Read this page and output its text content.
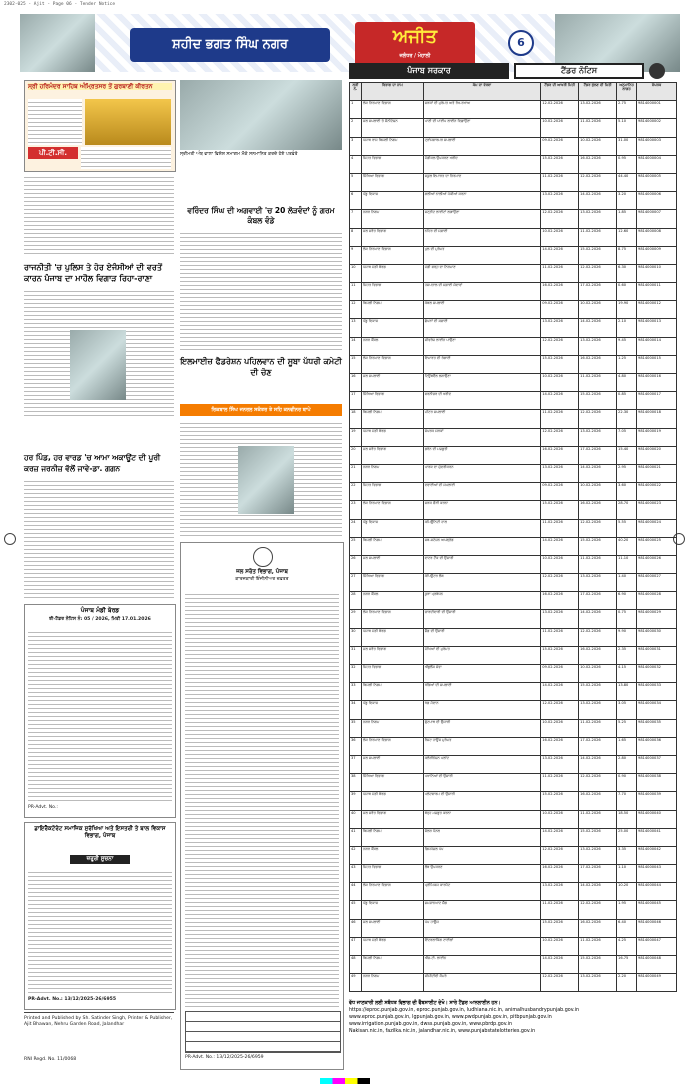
2302-025 - Ajit - Page 06 - Tender Notice
ਸ਼ਹੀਦ ਭਗਤ ਸਿੰਘ ਨਗਰ	ਅਜੀਤ
ਜਲੰਧਰ / ਮੋਹਾਲੀ
6
ਸ੍ਰੀ ਹਰਿਮੰਦਰ ਸਾਹਿਬ ਅੰਮ੍ਰਿਤਸਰ ਤੋਂ ਗੁਰਬਾਣੀ ਕੀਰਤਨ
ਪੀ.ਟੀ.ਸੀ.
ਰਾਜਨੀਤੀ 'ਚ ਪੁਲਿਸ ਤੇ ਹੋਰ ਏਜੰਸੀਆਂ ਦੀ ਵਰਤੋਂ ਕਾਰਨ ਪੰਜਾਬ ਦਾ ਮਾਹੌਲ ਵਿਗਾੜ ਰਿਹਾ-ਰਾਣਾ
ਹਰ ਪਿੰਡ, ਹਰ ਵਾਰਡ 'ਚ ਆਮਾ ਅਕਾਊਂਟ ਦੀ ਪੂਰੀ ਕਰਜ਼ ਜਰਨੀਜ਼ ਵੱਲੋਂ ਜਾਵੇ-ਡਾ. ਗਗਨ
ਪੰਜਾਬ ਮੰਡੀ ਬੋਰਡ
ਈ-ਟੈਂਡਰ ਨੋਟਿਸ ਨੰ: 05 / 2026, ਮਿਤੀ 17.01.2026
PR-Advt. No.:
ਡਾਇਰੈਕਟੋਰੇਟ ਸਮਾਜਿਕ ਸੁਰੱਖਿਆ ਅਤੇ ਇਸਤਰੀ ਤੇ ਬਾਲ ਵਿਕਾਸ ਵਿਭਾਗ, ਪੰਜਾਬ
ਜ਼ਰੂਰੀ ਸੂਚਨਾ
PR-Advt. No.: 13/12/2025-26/6955
Printed and Published by Sh. Satinder Singh, Printer & Publisher, Ajit Bhawan, Nehru Garden Road, Jalandhar
RNI Regd. No. 11/0068
ਸ੍ਰੀਮਤੀ ਅੰਬ ਵਾਲਾ ਵਿਸ਼ੇਸ਼ ਸਮਾਗਮ ਮੌਕੇ ਸਨਮਾਨਿਤ ਕਰਦੇ ਹੋਏ ਪਤਵੰਤੇ
ਵਰਿੰਦਰ ਸਿੰਘ ਦੀ ਅਗਵਾਈ 'ਚ 20 ਲੋੜਵੰਦਾਂ ਨੂੰ ਗਰਮ ਕੰਬਲ ਵੰਡੇ
ਇਲਮਾਈਜ਼ ਫੈਡਰੇਸ਼ਨ ਪਹਿਲਵਾਨ ਦੀ ਸੂਬਾ ਪੱਧਰੀ ਕਮੇਟੀ ਦੀ ਚੋਣ
ਰਿਕਬਾਲ ਸਿੰਘ ਜਨਰਲ ਸਕੱਤਰ ਤੇ ਸਹਿ ਕਨਵੀਨਰ ਥਾਪੇ
ਜਲ ਸਰੋਤ ਵਿਭਾਗ, ਪੰਜਾਬ
ਕਾਰਜਕਾਰੀ ਇੰਜੀਨੀਅਰ ਦਫ਼ਤਰ
PR-Advt. No.: 13/12/2025-26/6959
ਪੰਜਾਬ ਸਰਕਾਰ	ਟੈਂਡਰ ਨੋਟਿਸ
ਲੜੀ ਨੰ.	ਵਿਭਾਗ ਦਾ ਨਾਮ	ਕੰਮ ਦਾ ਵੇਰਵਾ	ਟੈਂਡਰ ਦੀ ਆਖਰੀ ਮਿਤੀ	ਟੈਂਡਰ ਖੁੱਲਣ ਦੀ ਮਿਤੀ	ਅਨੁਮਾਨਿਤ ਲਾਗਤ	ਸੰਪਰਕ
1	ਲੋਕ ਨਿਰਮਾਣ ਵਿਭਾਗ	ਸੜਕਾਂ ਦੀ ਮੁਰੰਮਤ ਅਤੇ ਰੱਖ-ਰਖਾਅ	12.02.2026	13.02.2026	2.75	9814000001
2	ਜਲ ਸਪਲਾਈ ਤੇ ਸੈਨੀਟੇਸ਼ਨ	ਪਾਣੀ ਦੀ ਪਾਈਪ ਲਾਈਨ ਵਿਛਾਉਣਾ	10.02.2026	11.02.2026	5.10	9814000002
3	ਪੰਜਾਬ ਰਾਜ ਬਿਜਲੀ ਨਿਗਮ	ਟ੍ਰਾਂਸਫਾਰਮਰ ਸਪਲਾਈ	09.02.2026	10.02.2026	31.00	9814000003
4	ਸਿਹਤ ਵਿਭਾਗ	ਮੈਡੀਕਲ ਉਪਕਰਣ ਖਰੀਦ	15.02.2026	16.02.2026	0.95	9814000004
5	ਸਿੱਖਿਆ ਵਿਭਾਗ	ਸਕੂਲ ਇਮਾਰਤ ਦਾ ਨਿਰਮਾਣ	11.02.2026	12.02.2026	44.40	9814000005
6	ਪੇਂਡੂ ਵਿਕਾਸ	ਗਲੀਆਂ ਨਾਲੀਆਂ ਪੱਕੀਆਂ ਕਰਨਾ	13.02.2026	14.02.2026	3.20	9814000006
7	ਨਗਰ ਨਿਗਮ	ਸਟ੍ਰੀਟ ਲਾਈਟਾਂ ਲਗਾਉਣਾ	12.02.2026	13.02.2026	1.85	9814000007
8	ਜਲ ਸਰੋਤ ਵਿਭਾਗ	ਨਹਿਰ ਦੀ ਸਫ਼ਾਈ	10.02.2026	11.02.2026	12.60	9814000008
9	ਲੋਕ ਨਿਰਮਾਣ ਵਿਭਾਗ	ਪੁਲ ਦੀ ਮੁਰੰਮਤ	14.02.2026	15.02.2026	8.75	9814000009
10	ਪੰਜਾਬ ਮੰਡੀ ਬੋਰਡ	ਮੰਡੀ ਫੜ੍ਹ ਦਾ ਨਿਰਮਾਣ	11.02.2026	12.02.2026	6.30	9814000010
11	ਸਿਹਤ ਵਿਭਾਗ	ਹਸਪਤਾਲ ਦੀ ਸਫ਼ਾਈ ਸੇਵਾਵਾਂ	16.02.2026	17.02.2026	0.60	9814000011
12	ਬਿਜਲੀ ਨਿਗਮ	ਕੇਬਲ ਸਪਲਾਈ	09.02.2026	10.02.2026	19.90	9814000012
13	ਪੇਂਡੂ ਵਿਕਾਸ	ਛੱਪੜਾਂ ਦੀ ਸਫ਼ਾਈ	13.02.2026	14.02.2026	2.10	9814000013
14	ਨਗਰ ਕੌਂਸਲ	ਸੀਵਰੇਜ ਲਾਈਨ ਪਾਉਣਾ	12.02.2026	13.02.2026	9.45	9814000014
15	ਲੋਕ ਨਿਰਮਾਣ ਵਿਭਾਗ	ਇਮਾਰਤ ਦੀ ਰੰਗਾਈ	15.02.2026	16.02.2026	1.25	9814000015
16	ਜਲ ਸਪਲਾਈ	ਟਿਊਬਵੈੱਲ ਲਗਾਉਣਾ	10.02.2026	11.02.2026	4.80	9814000016
17	ਸਿੱਖਿਆ ਵਿਭਾਗ	ਫਰਨੀਚਰ ਦੀ ਖਰੀਦ	14.02.2026	15.02.2026	0.85	9814000017
18	ਬਿਜਲੀ ਨਿਗਮ	ਮੀਟਰ ਸਪਲਾਈ	11.02.2026	12.02.2026	22.30	9814000018
19	ਪੰਜਾਬ ਮੰਡੀ ਬੋਰਡ	ਸੰਪਰਕ ਸੜਕਾਂ	12.02.2026	13.02.2026	7.05	9814000019
20	ਜਲ ਸਰੋਤ ਵਿਭਾਗ	ਡਰੇਨ ਦੀ ਮਜ਼ਬੂਤੀ	16.02.2026	17.02.2026	15.40	9814000020
21	ਨਗਰ ਨਿਗਮ	ਪਾਰਕ ਦਾ ਸੁੰਦਰੀਕਰਨ	13.02.2026	14.02.2026	2.95	9814000021
22	ਸਿਹਤ ਵਿਭਾਗ	ਦਵਾਈਆਂ ਦੀ ਸਪਲਾਈ	09.02.2026	10.02.2026	3.60	9814000022
23	ਲੋਕ ਨਿਰਮਾਣ ਵਿਭਾਗ	ਸੜਕ ਚੌੜੀ ਕਰਨਾ	15.02.2026	16.02.2026	28.70	9814000023
24	ਪੇਂਡੂ ਵਿਕਾਸ	ਕਮਿਊਨਿਟੀ ਹਾਲ	11.02.2026	12.02.2026	5.55	9814000024
25	ਬਿਜਲੀ ਨਿਗਮ	ਸਬ-ਸਟੇਸ਼ਨ ਅਪਗ੍ਰੇਡ	14.02.2026	15.02.2026	40.20	9814000025
26	ਜਲ ਸਪਲਾਈ	ਵਾਟਰ ਟੈਂਕ ਦੀ ਉਸਾਰੀ	10.02.2026	11.02.2026	11.10	9814000026
27	ਸਿੱਖਿਆ ਵਿਭਾਗ	ਕੰਪਿਊਟਰ ਲੈਬ	12.02.2026	13.02.2026	1.40	9814000027
28	ਨਗਰ ਕੌਂਸਲ	ਕੂੜਾ ਪ੍ਰਬੰਧਨ	16.02.2026	17.02.2026	6.90	9814000028
29	ਲੋਕ ਨਿਰਮਾਣ ਵਿਭਾਗ	ਚਾਰਦੀਵਾਰੀ ਦੀ ਉਸਾਰੀ	13.02.2026	14.02.2026	0.75	9814000029
30	ਪੰਜਾਬ ਮੰਡੀ ਬੋਰਡ	ਸ਼ੈੱਡ ਦੀ ਉਸਾਰੀ	11.02.2026	12.02.2026	9.90	9814000030
31	ਜਲ ਸਰੋਤ ਵਿਭਾਗ	ਮੋਘਿਆਂ ਦੀ ਮੁਰੰਮਤ	15.02.2026	16.02.2026	2.35	9814000031
32	ਸਿਹਤ ਵਿਭਾਗ	ਐਂਬੂਲੈਂਸ ਸੇਵਾ	09.02.2026	10.02.2026	4.15	9814000032
33	ਬਿਜਲੀ ਨਿਗਮ	ਖੰਭਿਆਂ ਦੀ ਸਪਲਾਈ	14.02.2026	15.02.2026	13.80	9814000033
34	ਪੇਂਡੂ ਵਿਕਾਸ	ਖੇਡ ਮੈਦਾਨ	12.02.2026	13.02.2026	3.05	9814000034
35	ਨਗਰ ਨਿਗਮ	ਫੁੱਟਪਾਥ ਦੀ ਉਸਾਰੀ	10.02.2026	11.02.2026	5.25	9814000035
36	ਲੋਕ ਨਿਰਮਾਣ ਵਿਭਾਗ	ਰੈਸਟ ਹਾਊਸ ਮੁਰੰਮਤ	16.02.2026	17.02.2026	1.65	9814000036
37	ਜਲ ਸਪਲਾਈ	ਕਲੋਰੀਨੇਸ਼ਨ ਪਲਾਂਟ	13.02.2026	14.02.2026	2.80	9814000037
38	ਸਿੱਖਿਆ ਵਿਭਾਗ	ਪਖਾਨਿਆਂ ਦੀ ਉਸਾਰੀ	11.02.2026	12.02.2026	0.90	9814000038
39	ਪੰਜਾਬ ਮੰਡੀ ਬੋਰਡ	ਪਲੇਟਫਾਰਮ ਦੀ ਉਸਾਰੀ	15.02.2026	16.02.2026	7.70	9814000039
40	ਜਲ ਸਰੋਤ ਵਿਭਾਗ	ਬੰਨ੍ਹ ਮਜ਼ਬੂਤ ਕਰਨਾ	10.02.2026	11.02.2026	18.50	9814000040
41	ਬਿਜਲੀ ਨਿਗਮ	ਸੋਲਰ ਪੈਨਲ	14.02.2026	15.02.2026	25.00	9814000041
42	ਨਗਰ ਕੌਂਸਲ	ਡਿਸਪੋਜ਼ਲ ਪੰਪ	12.02.2026	13.02.2026	3.35	9814000042
43	ਸਿਹਤ ਵਿਭਾਗ	ਲੈਬ ਉਪਕਰਣ	16.02.2026	17.02.2026	1.10	9814000043
44	ਲੋਕ ਨਿਰਮਾਣ ਵਿਭਾਗ	ਪ੍ਰੀਮਿਕਸ ਕਾਰਪੈਟ	13.02.2026	14.02.2026	10.20	9814000044
45	ਪੇਂਡੂ ਵਿਕਾਸ	ਸ਼ਮਸ਼ਾਨਘਾਟ ਸ਼ੈੱਡ	11.02.2026	12.02.2026	1.95	9814000045
46	ਜਲ ਸਪਲਾਈ	ਪੰਪ ਹਾਊਸ	15.02.2026	16.02.2026	6.40	9814000046
47	ਪੰਜਾਬ ਮੰਡੀ ਬੋਰਡ	ਇੰਟਰਲਾਕਿੰਗ ਟਾਈਲਾਂ	10.02.2026	11.02.2026	4.25	9814000047
48	ਬਿਜਲੀ ਨਿਗਮ	ਐੱਚ.ਟੀ. ਲਾਈਨ	14.02.2026	15.02.2026	16.75	9814000048
49	ਨਗਰ ਨਿਗਮ	ਸੀਸੀਟੀਵੀ ਕੈਮਰੇ	12.02.2026	13.02.2026	2.20	9814000049
ਵੱਧ ਜਾਣਕਾਰੀ ਲਈ ਸਬੰਧਤ ਵਿਭਾਗ ਦੀ ਵੈੱਬਸਾਈਟ ਦੇਖੋ। ਸਾਰੇ ਟੈਂਡਰ ਆਨਲਾਈਨ ਹਨ।
https://eproc.punjab.gov.in, eproc.punjab.gov.in, ludhiana.nic.in, animalhusbandrypunjab.gov.in
www.eproc.punjab.gov.in, lgpunjab.gov.in, www.pwdpunjab.gov.in, pitbpunjab.gov.in
www.irrigation.punjab.gov.in, dwss.punjab.gov.in, www.pbrdp.gov.in
Nakisan.nic.in, fazilka.nic.in, jalandhar.nic.in, www.punjabstatelotteries.gov.in
